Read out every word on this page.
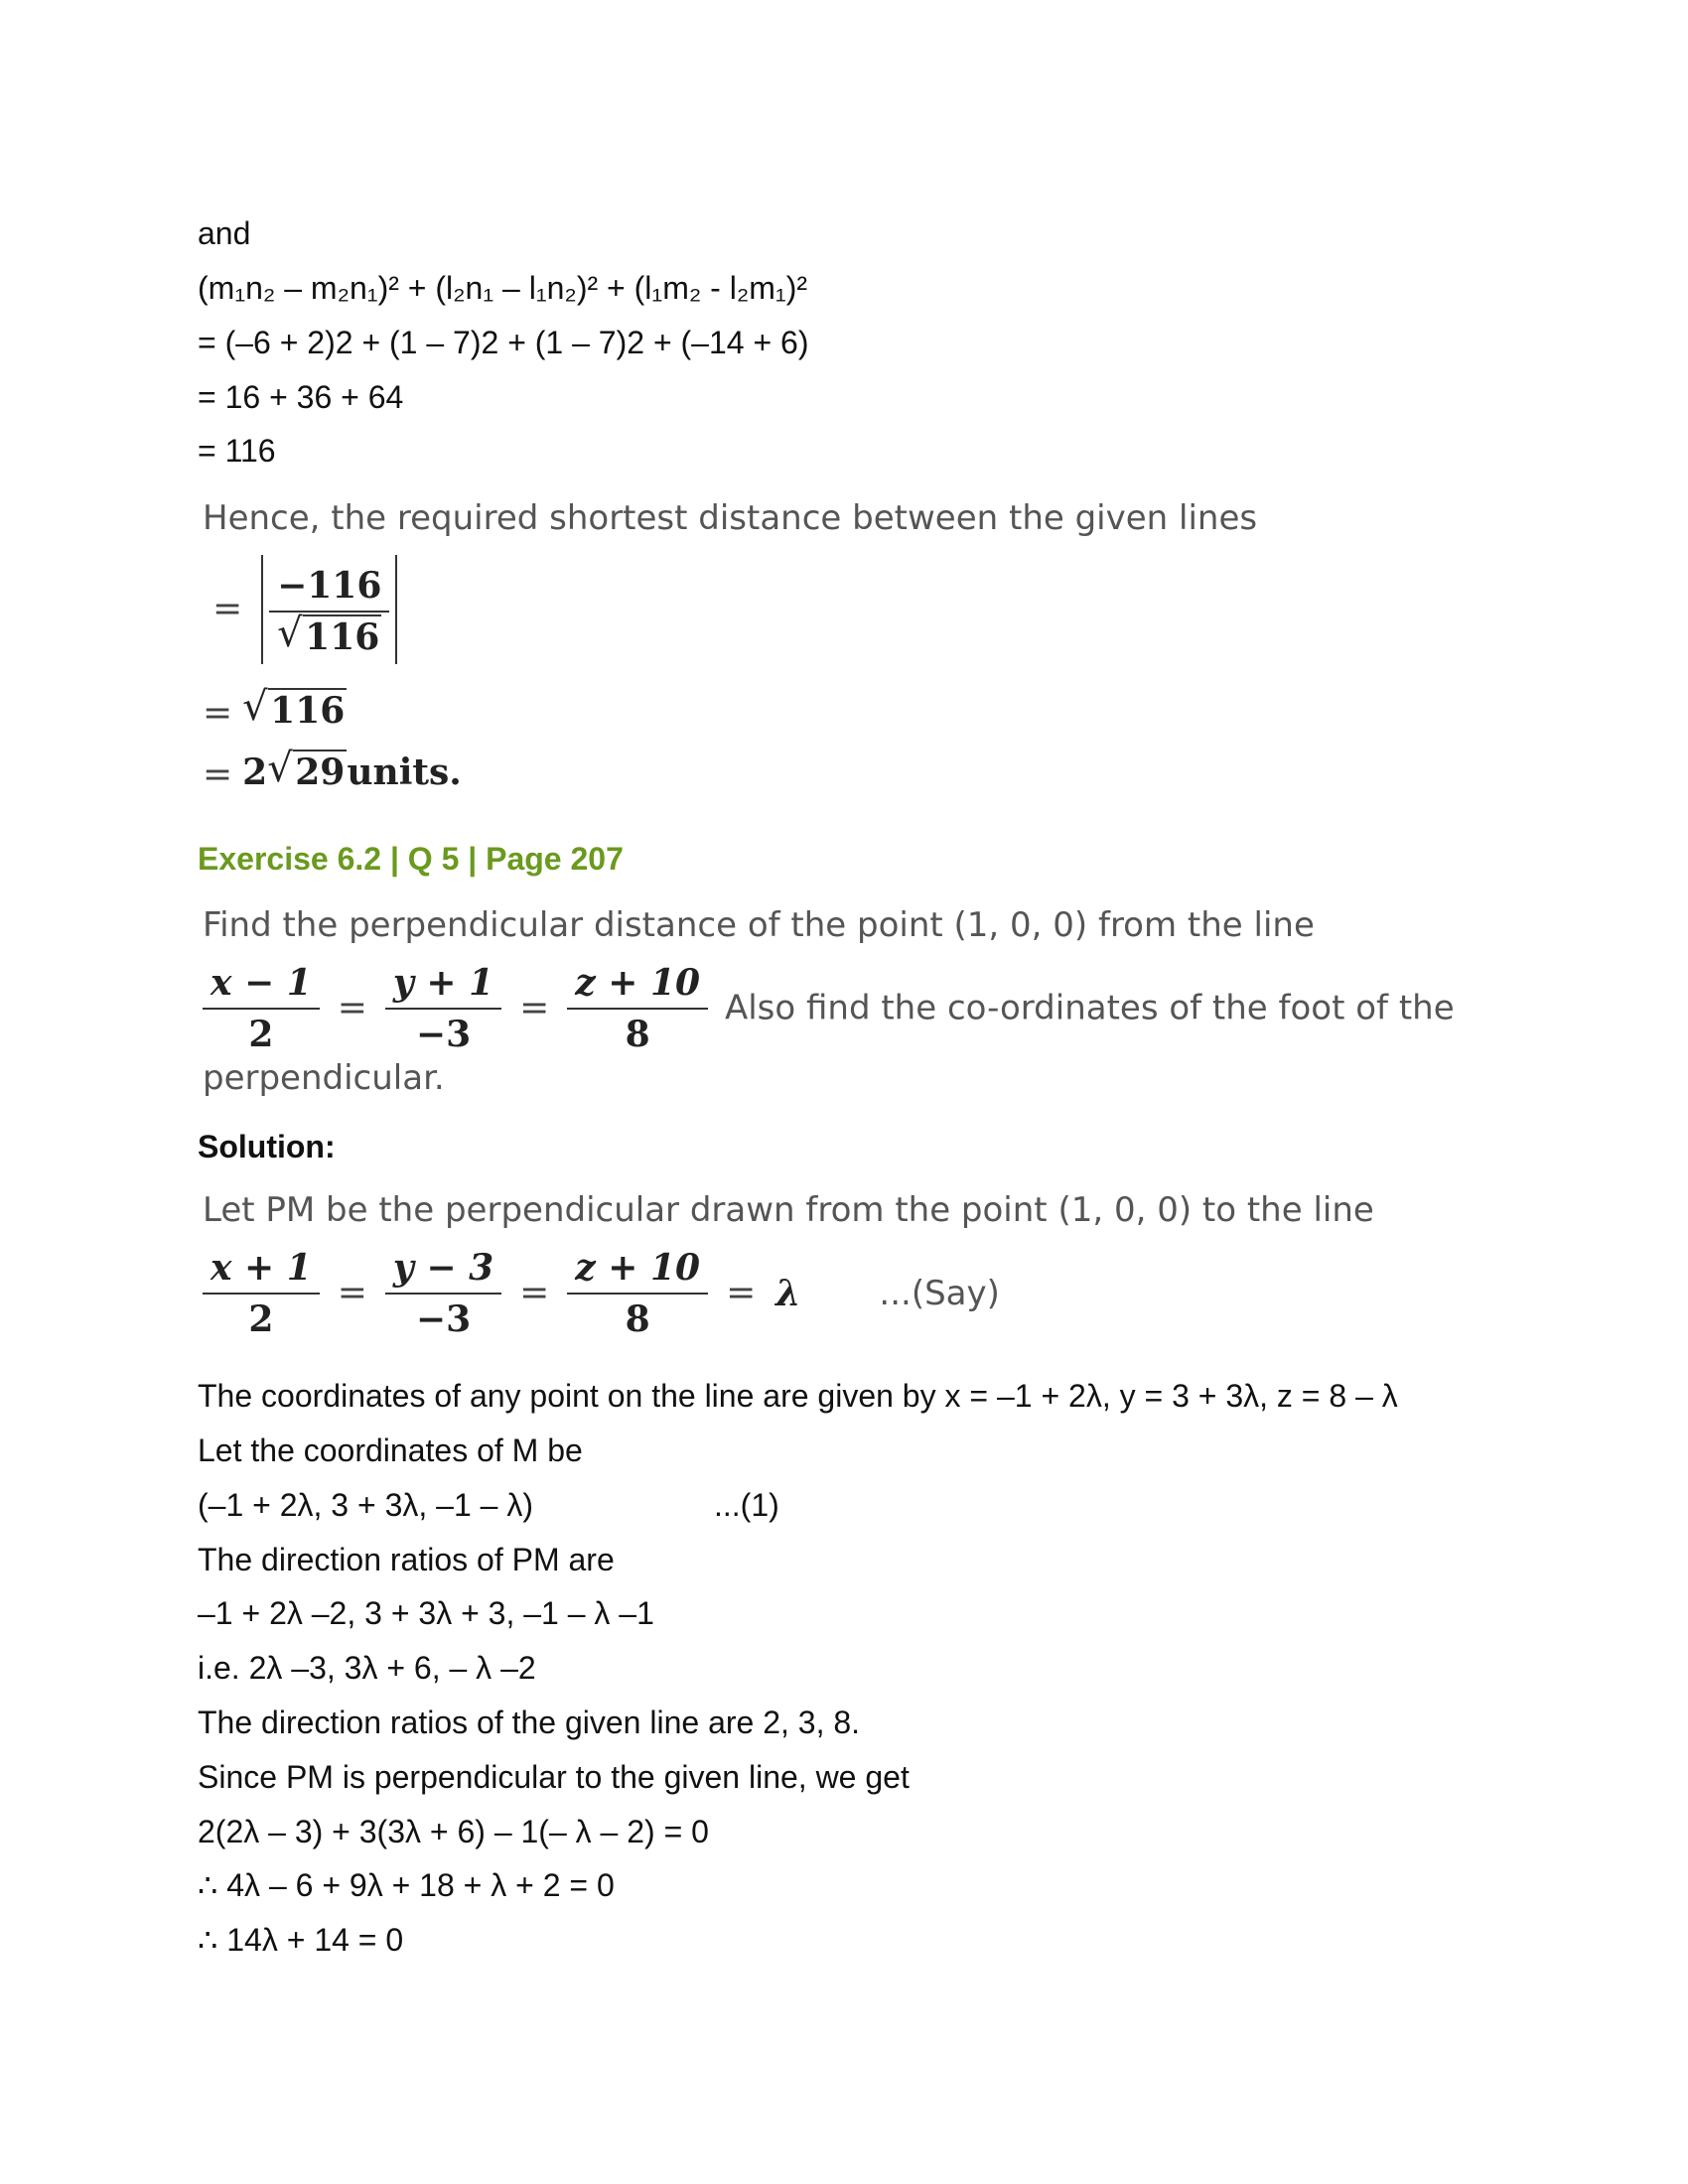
and
(m₁n₂ – m₂n₁)² + (l₂n₁ – l₁n₂)² + (l₁m₂ - l₂m₁)²
= (–6 + 2)2 + (1 – 7)2 + (1 – 7)2 + (–14 + 6)
= 16 + 36 + 64
= 116
Hence, the required shortest distance between the given lines
= −116
√ 116
= √ 116
= 2 √ 29units.
Exercise 6.2 | Q 5 | Page 207
Find the perpendicular distance of the point (1, 0, 0) from the line
$\frac{x - 1}{2} = \frac{y + 1}{-3} = \frac{z + 10}{8}$ Also find the co-ordinates of the foot of the
perpendicular.
Solution:
Let PM be the perpendicular drawn from the point (1, 0, 0) to the line
$\frac{x + 1}{2} = \frac{y - 3}{-3} = \frac{z + 10}{8} = \lambda$ ...(Say)
The coordinates of any point on the line are given by x = –1 + 2λ, y = 3 + 3λ, z = 8 – λ
Let the coordinates of M be
(–1 + 2λ, 3 + 3λ, –1 – λ)	...(1)
The direction ratios of PM are
–1 + 2λ –2, 3 + 3λ + 3, –1 – λ –1
i.e. 2λ –3, 3λ + 6, – λ –2
The direction ratios of the given line are 2, 3, 8.
Since PM is perpendicular to the given line, we get
2(2λ – 3) + 3(3λ + 6) – 1(– λ – 2) = 0
∴ 4λ – 6 + 9λ + 18 + λ + 2 = 0
∴ 14λ + 14 = 0
